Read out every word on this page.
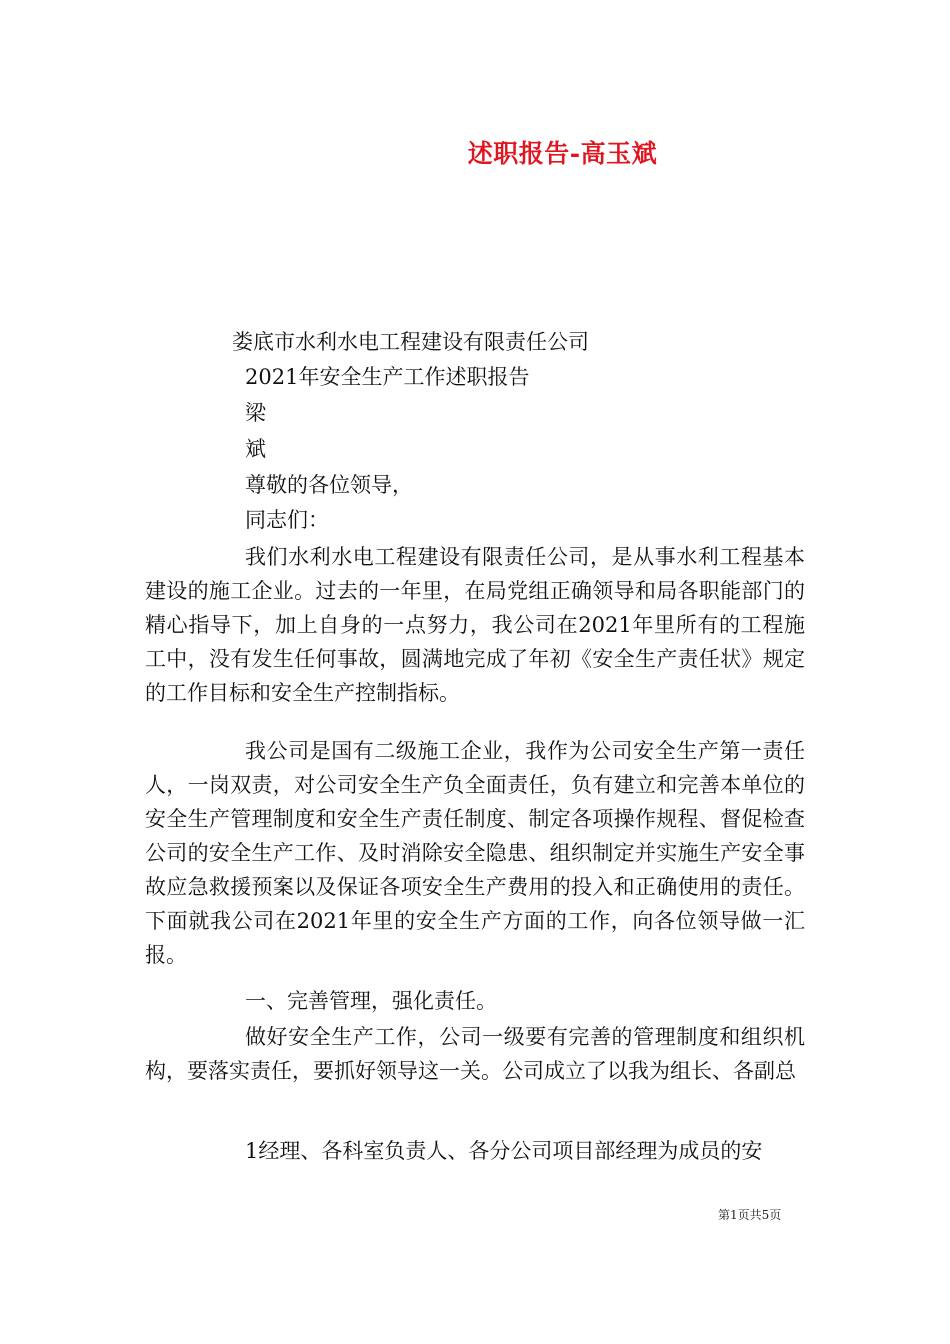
述职报告-高玉斌
娄底市水利水电工程建设有限责任公司
2021年安全生产工作述职报告
梁
斌
尊敬的各位领导，
同志们：
我们水利水电工程建设有限责任公司，是从事水利工程基本建设的施工企业。过去的一年里，在局党组正确领导和局各职能部门的精心指导下，加上自身的一点努力，我公司在2021年里所有的工程施工中，没有发生任何事故，圆满地完成了年初《安全生产责任状》规定的工作目标和安全生产控制指标。
我公司是国有二级施工企业，我作为公司安全生产第一责任人，一岗双责，对公司安全生产负全面责任，负有建立和完善本单位的安全生产管理制度和安全生产责任制度、制定各项操作规程、督促检查公司的安全生产工作、及时消除安全隐患、组织制定并实施生产安全事故应急救援预案以及保证各项安全生产费用的投入和正确使用的责任。下面就我公司在2021年里的安全生产方面的工作，向各位领导做一汇报。
一、完善管理，强化责任。
做好安全生产工作，公司一级要有完善的管理制度和组织机构，要落实责任，要抓好领导这一关。公司成立了以我为组长、各副总
1经理、各科室负责人、各分公司项目部经理为成员的安
第1页共5页
